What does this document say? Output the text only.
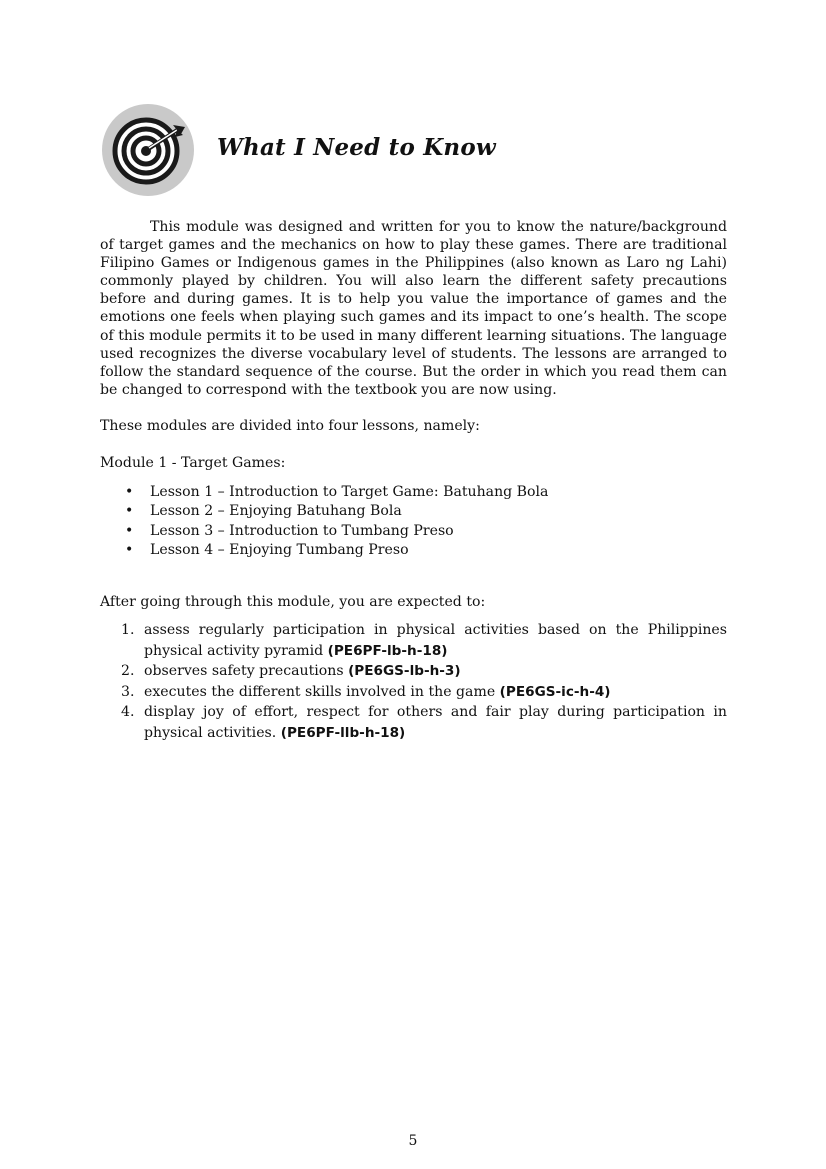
What I Need to Know

This module was designed and written for you to know the nature/background of target games and the mechanics on how to play these games. There are traditional Filipino Games or Indigenous games in the Philippines (also known as Laro ng Lahi) commonly played by children. You will also learn the different safety precautions before and during games. It is to help you value the importance of games and the emotions one feels when playing such games and its impact to one’s health. The scope of this module permits it to be used in many different learning situations. The language used recognizes the diverse vocabulary level of students. The lessons are arranged to follow the standard sequence of the course. But the order in which you read them can be changed to correspond with the textbook you are now using.

These modules are divided into four lessons, namely:

Module 1 - Target Games:

• Lesson 1 – Introduction to Target Game: Batuhang Bola
• Lesson 2 – Enjoying Batuhang Bola
• Lesson 3 – Introduction to Tumbang Preso
• Lesson 4 – Enjoying Tumbang Preso

After going through this module, you are expected to:

1. assess regularly participation in physical activities based on the Philippines physical activity pyramid (PE6PF-lb-h-18)
2. observes safety precautions (PE6GS-lb-h-3)
3. executes the different skills involved in the game (PE6GS-ic-h-4)
4. display joy of effort, respect for others and fair play during participation in physical activities. (PE6PF-llb-h-18)
5
